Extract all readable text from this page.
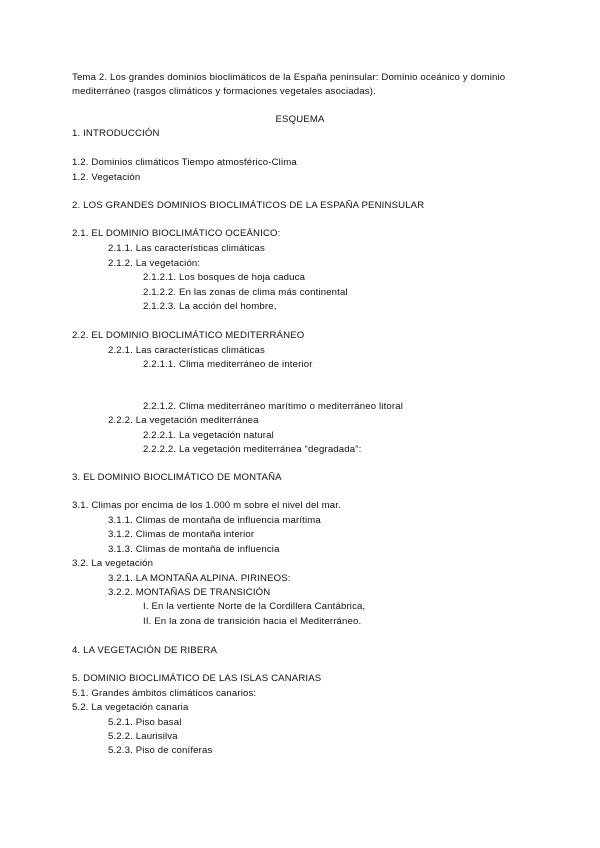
Tema 2. Los grandes dominios bioclimáticos de la España peninsular: Dominio oceánico y dominio
mediterráneo (rasgos climáticos y formaciones vegetales asociadas).
ESQUEMA
1. INTRODUCCIÓN
1.2. Dominios climáticos Tiempo atmosférico-Clima
1.2. Vegetación
2. LOS GRANDES DOMINIOS BIOCLIMÁTICOS DE LA ESPAÑA PENINSULAR
2.1. EL DOMINIO BIOCLIMÁTICO OCEÁNICO:
2.1.1. Las características climáticas
2.1.2. La vegetación:
2.1.2.1. Los bosques de hoja caduca
2.1.2.2. En las zonas de clima más continental
2.1.2.3. La acción del hombre,
2.2. EL DOMINIO BIOCLIMÁTICO MEDITERRÁNEO
2.2.1. Las características climáticas
2.2.1.1. Clima mediterráneo de interior
2.2.1.2. Clima mediterráneo marítimo o mediterráneo litoral
2.2.2. La vegetación mediterránea
2.2.2.1. La vegetación natural
2.2.2.2. La vegetación mediterránea “degradada”:
3. EL DOMINIO BIOCLIMÁTICO DE MONTAÑA
3.1. Climas por encima de los 1.000 m sobre el nivel del mar.
3.1.1. Climas de montaña de influencia marítima
3.1.2. Climas de montaña interior
3.1.3. Climas de montaña de influencia
3.2. La vegetación
3.2.1. LA MONTAÑA ALPINA. PIRINEOS:
3.2.2. MONTAÑAS DE TRANSICIÓN
I. En la vertiente Norte de la Cordillera Cantábrica,
II. En la zona de transición hacia el Mediterráneo.
4. LA VEGETACIÓN DE RIBERA
5. DOMINIO BIOCLIMÁTICO DE LAS ISLAS CANARIAS
5.1. Grandes ámbitos climáticos canarios:
5.2. La vegetación canaria
5.2.1. Piso basal
5.2.2. Laurisilva
5.2.3. Piso de coníferas
